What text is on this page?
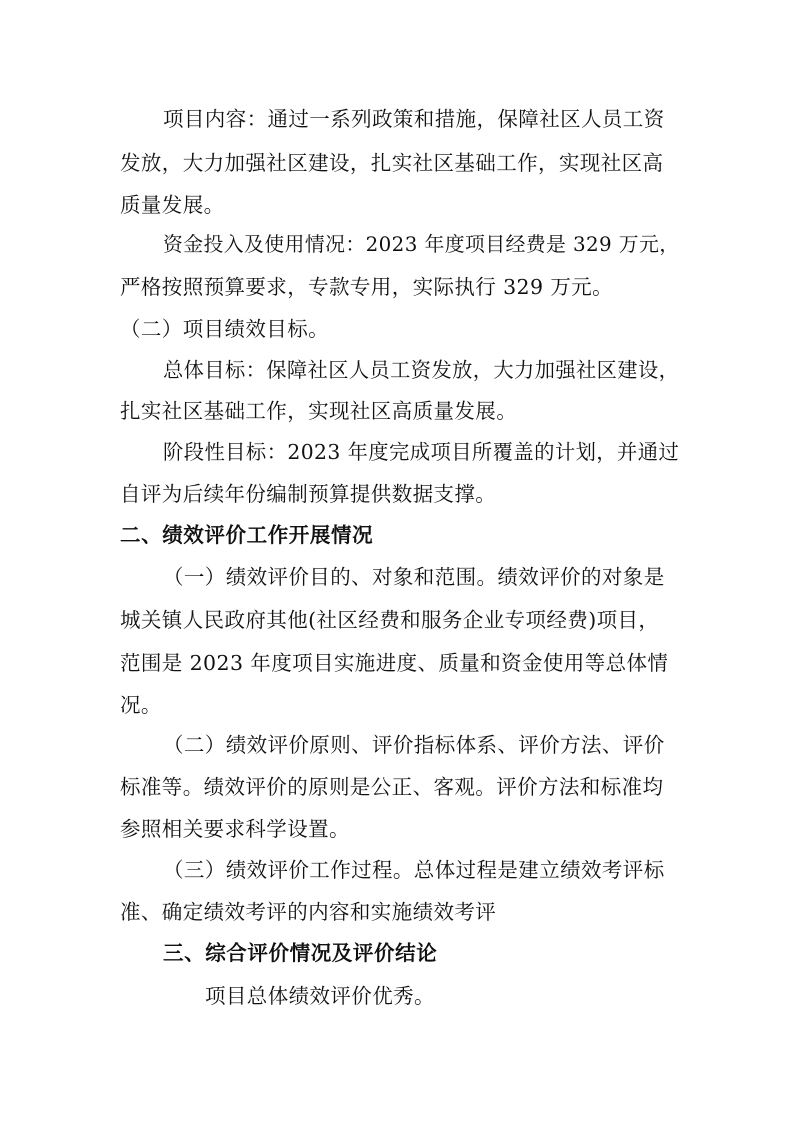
项目内容：通过一系列政策和措施，保障社区人员工资
发放，大力加强社区建设，扎实社区基础工作，实现社区高
质量发展。
资金投入及使用情况：2023 年度项目经费是 329 万元，
严格按照预算要求，专款专用，实际执行 329 万元。
（二）项目绩效目标。
总体目标：保障社区人员工资发放，大力加强社区建设，
扎实社区基础工作，实现社区高质量发展。
阶段性目标：2023 年度完成项目所覆盖的计划，并通过
自评为后续年份编制预算提供数据支撑。
二、绩效评价工作开展情况
（一）绩效评价目的、对象和范围。绩效评价的对象是
城关镇人民政府其他(社区经费和服务企业专项经费)项目，
范围是 2023 年度项目实施进度、质量和资金使用等总体情
况。
（二）绩效评价原则、评价指标体系、评价方法、评价
标准等。绩效评价的原则是公正、客观。评价方法和标准均
参照相关要求科学设置。
（三）绩效评价工作过程。总体过程是建立绩效考评标
准、确定绩效考评的内容和实施绩效考评
三、综合评价情况及评价结论
项目总体绩效评价优秀。
